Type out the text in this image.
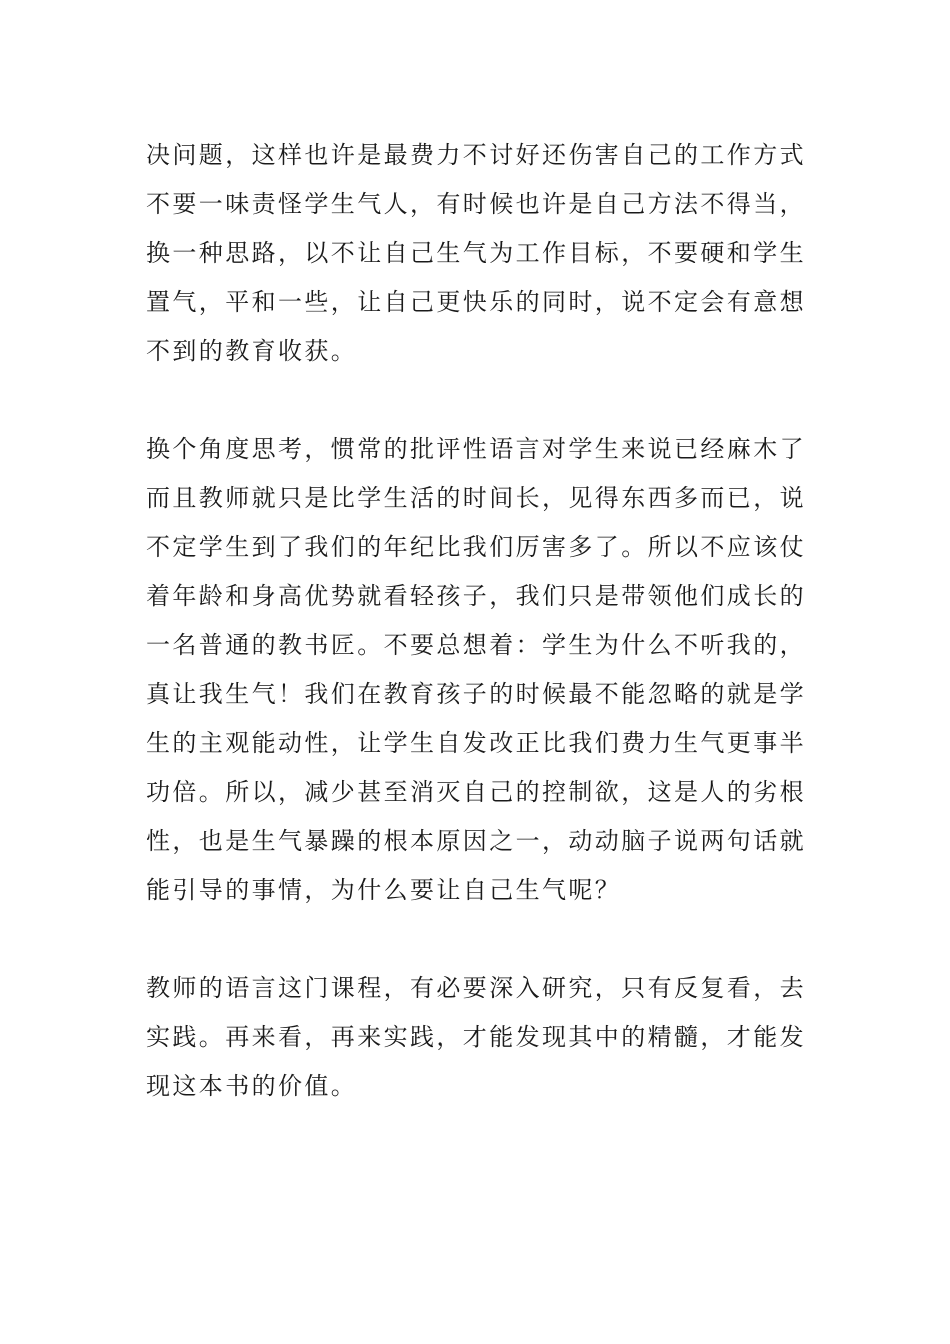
决问题，这样也许是最费力不讨好还伤害自己的工作方式
不要一味责怪学生气人，有时候也许是自己方法不得当，
换一种思路，以不让自己生气为工作目标，不要硬和学生
置气，平和一些，让自己更快乐的同时，说不定会有意想
不到的教育收获。
换个角度思考，惯常的批评性语言对学生来说已经麻木了
而且教师就只是比学生活的时间长，见得东西多而已，说
不定学生到了我们的年纪比我们厉害多了。所以不应该仗
着年龄和身高优势就看轻孩子，我们只是带领他们成长的
一名普通的教书匠。不要总想着：学生为什么不听我的，
真让我生气！我们在教育孩子的时候最不能忽略的就是学
生的主观能动性，让学生自发改正比我们费力生气更事半
功倍。所以，减少甚至消灭自己的控制欲，这是人的劣根
性，也是生气暴躁的根本原因之一，动动脑子说两句话就
能引导的事情，为什么要让自己生气呢？
教师的语言这门课程，有必要深入研究，只有反复看，去
实践。再来看，再来实践，才能发现其中的精髓，才能发
现这本书的价值。
